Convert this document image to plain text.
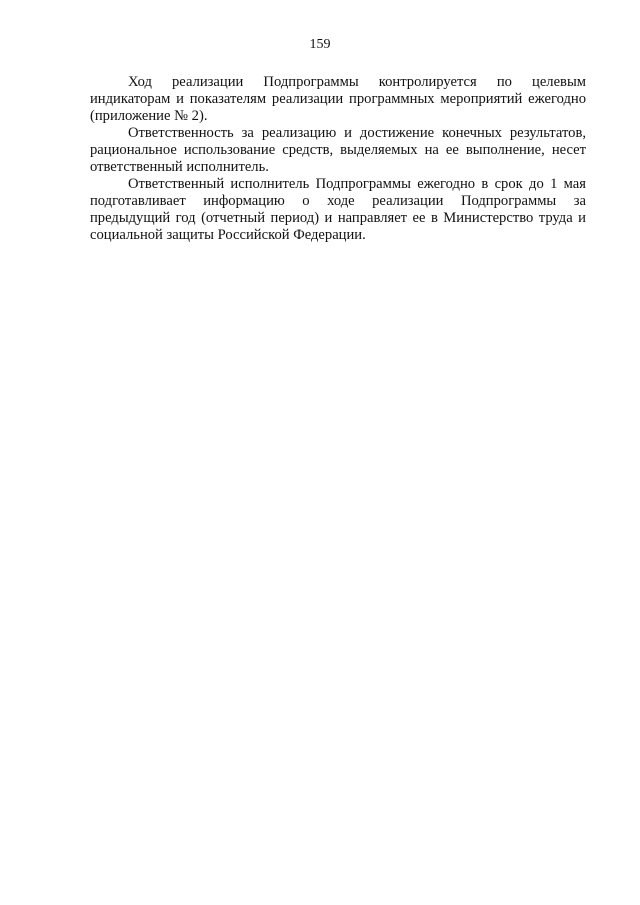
159

Ход реализации Подпрограммы контролируется по целевым индикаторам и показателям реализации программных мероприятий ежегодно (приложение № 2).

Ответственность за реализацию и достижение конечных результатов, рациональное использование средств, выделяемых на ее выполнение, несет ответственный исполнитель.

Ответственный исполнитель Подпрограммы ежегодно в срок до 1 мая подготавливает информацию о ходе реализации Подпрограммы за предыдущий год (отчетный период) и направляет ее в Министерство труда и социальной защиты Российской Федерации.
